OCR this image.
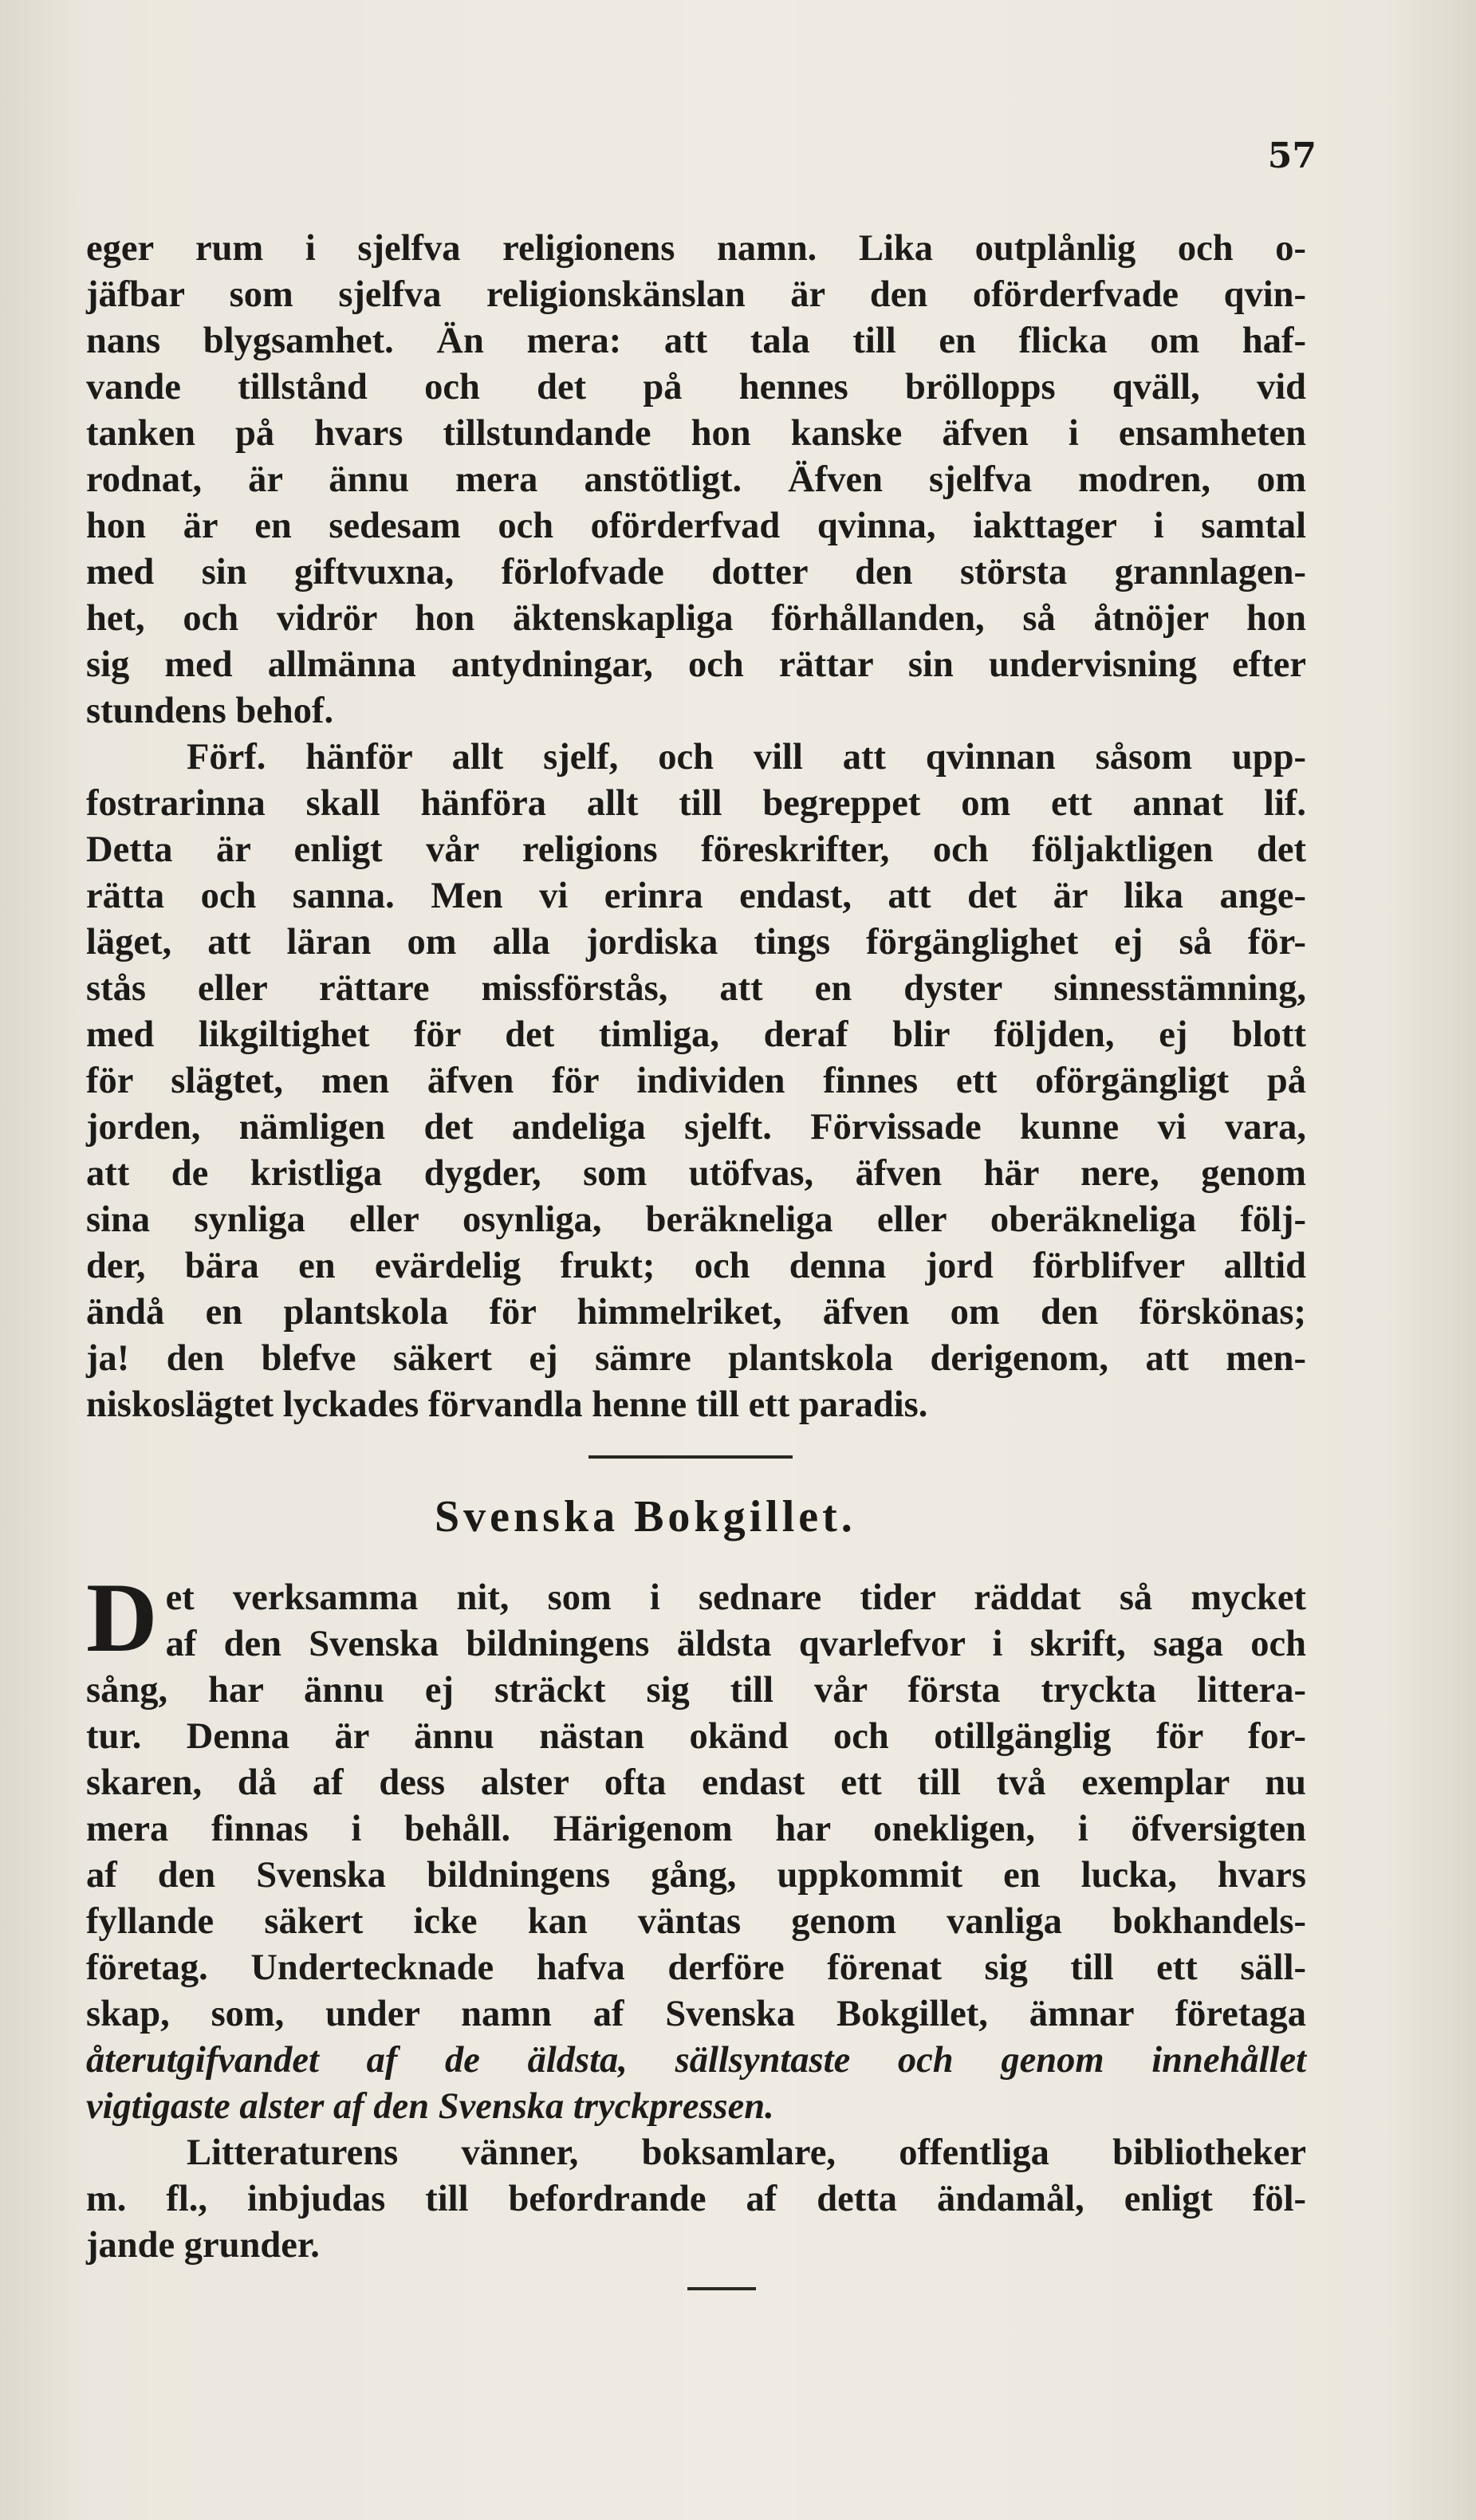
57
eger rum i sjelfva religionens namn. Lika outplånlig och o-
jäfbar som sjelfva religionskänslan är den oförderfvade qvin-
nans blygsamhet. Än mera: att tala till en flicka om haf-
vande tillstånd och det på hennes bröllopps qväll, vid
tanken på hvars tillstundande hon kanske äfven i ensamheten
rodnat, är ännu mera anstötligt. Äfven sjelfva modren, om
hon är en sedesam och oförderfvad qvinna, iakttager i samtal
med sin giftvuxna, förlofvade dotter den största grannlagen-
het, och vidrör hon äktenskapliga förhållanden, så åtnöjer hon
sig med allmänna antydningar, och rättar sin undervisning efter
stundens behof.
Förf. hänför allt sjelf, och vill att qvinnan såsom upp-
fostrarinna skall hänföra allt till begreppet om ett annat lif.
Detta är enligt vår religions föreskrifter, och följaktligen det
rätta och sanna. Men vi erinra endast, att det är lika ange-
läget, att läran om alla jordiska tings förgänglighet ej så för-
stås eller rättare missförstås, att en dyster sinnesstämning,
med likgiltighet för det timliga, deraf blir följden, ej blott
för slägtet, men äfven för individen finnes ett oförgängligt på
jorden, nämligen det andeliga sjelft. Förvissade kunne vi vara,
att de kristliga dygder, som utöfvas, äfven här nere, genom
sina synliga eller osynliga, beräkneliga eller oberäkneliga följ-
der, bära en evärdelig frukt; och denna jord förblifver alltid
ändå en plantskola för himmelriket, äfven om den förskönas;
ja! den blefve säkert ej sämre plantskola derigenom, att men-
niskoslägtet lyckades förvandla henne till ett paradis.
Svenska Bokgillet.
D et verksamma nit, som i sednare tider räddat så mycket
af den Svenska bildningens äldsta qvarlefvor i skrift, saga och
sång, har ännu ej sträckt sig till vår första tryckta littera-
tur. Denna är ännu nästan okänd och otillgänglig för for-
skaren, då af dess alster ofta endast ett till två exemplar nu
mera finnas i behåll. Härigenom har onekligen, i öfversigten
af den Svenska bildningens gång, uppkommit en lucka, hvars
fyllande säkert icke kan väntas genom vanliga bokhandels-
företag. Undertecknade hafva derföre förenat sig till ett säll-
skap, som, under namn af Svenska Bokgillet, ämnar företaga
återutgifvandet af de äldsta, sällsyntaste och genom innehållet
vigtigaste alster af den Svenska tryckpressen.
Litteraturens vänner, boksamlare, offentliga bibliotheker
m. fl., inbjudas till befordrande af detta ändamål, enligt föl-
jande grunder.
